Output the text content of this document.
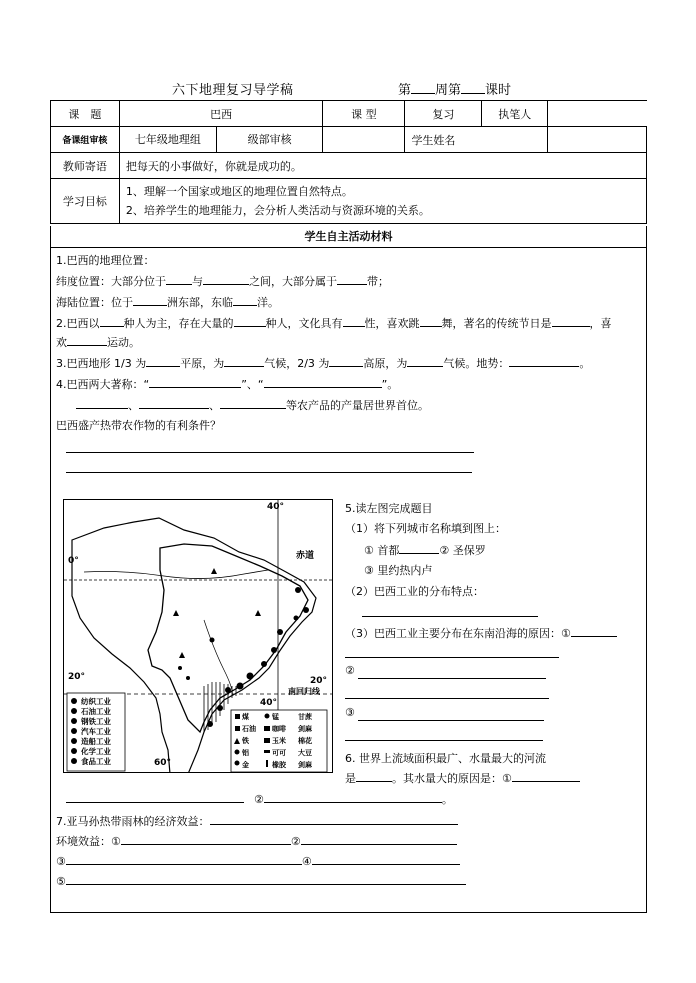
六下地理复习导学稿	第 周第 课时
课　题	巴西	课 型	复习	执笔人	
备课组审核	七年级地理组 级部审核		学生姓名		
教师寄语	把每天的小事做好，你就是成功的。				
学习目标	1、理解一个国家或地区的地理位置自然特点。
2、培养学生的地理能力，会分析人类活动与资源环境的关系。				
学生自主活动材料
1.巴西的地理位置：
纬度位置：大部分位于 与	之间，大部分属于	带；
海陆位置：位于	洲东部，东临 洋。
2.巴西以 种人为主，存在大量的	种人，文化具有 性，喜欢跳 舞，著名的传统节日是	，喜
欢	运动。
3.巴西地形 1/3 为	平原，为	气候，2/3 为	高原，为	气候。地势：	。
4.巴西两大著称：“	”、“	”。
、	、	等农产品的产量居世界首位。
巴西盛产热带农作物的有利条件？
40°
0°	赤道
20°	20°
南回归线
40°
60°
纺织工业
石油工业
钢铁工业
汽车工业
造船工业
化学工业
食品工业
煤	锰	甘蔗
石油 咖啡 剑麻
铁	玉米 棉花
铝	可可 大豆
金	橡胶 剑麻
5.读左图完成题目
（1）将下列城市名称填到图上：
① 首都	② 圣保罗
③ 里约热内卢
（2）巴西工业的分布特点：
（3）巴西工业主要分布在东南沿海的原因：①
②
③
6. 世界上流域面积最广、水量最大的河流
是	。其水量大的原因是：①
②	。
7.亚马孙热带雨林的经济效益：
环境效益：①	②
③	④
⑤
